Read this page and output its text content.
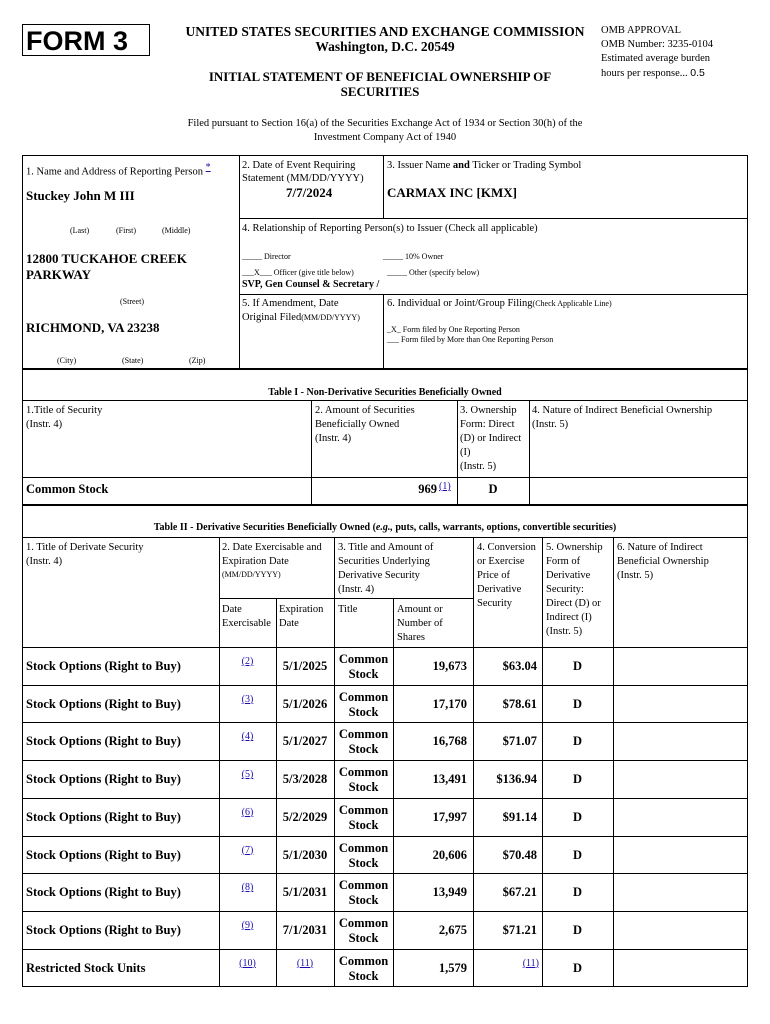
FORM 3	UNITED STATES SECURITIES AND EXCHANGE COMMISSION
Washington, D.C. 20549
OMB APPROVAL
OMB Number: 3235-0104
Estimated average burden
hours per response... 0.5
INITIAL STATEMENT OF BENEFICIAL OWNERSHIP OF
SECURITIES
Filed pursuant to Section 16(a) of the Securities Exchange Act of 1934 or Section 30(h) of the
Investment Company Act of 1940
1. Name and Address of Reporting Person *
Stuckey John M III
(Last)	(First)	(Middle)
12800 TUCKAHOE CREEK
PARKWAY
(Street)
RICHMOND, VA 23238
(City)	(State)	(Zip)
2. Date of Event Requiring
Statement (MM/DD/YYYY)
7/7/2024
3. Issuer Name and Ticker or Trading Symbol
CARMAX INC [KMX]
4. Relationship of Reporting Person(s) to Issuer (Check all applicable)
_____ Director	_____ 10% Owner
___X___ Officer (give title below)	_____ Other (specify below)
SVP, Gen Counsel & Secretary /
5. If Amendment, Date
Original Filed(MM/DD/YYYY)
6. Individual or Joint/Group Filing(Check Applicable Line)
_X_ Form filed by One Reporting Person
___ Form filed by More than One Reporting Person
Table I - Non-Derivative Securities Beneficially Owned
1.Title of Security
(Instr. 4)
2. Amount of Securities
Beneficially Owned
(Instr. 4)
3. Ownership
Form: Direct
(D) or Indirect
(I)
(Instr. 5)
4. Nature of Indirect Beneficial Ownership
(Instr. 5)
Common Stock	969 (1)	D
Table II - Derivative Securities Beneficially Owned (e.g., puts, calls, warrants, options, convertible securities)
1. Title of Derivate Security
(Instr. 4)
2. Date Exercisable and
Expiration Date
(MM/DD/YYYY)
3. Title and Amount of
Securities Underlying
Derivative Security
(Instr. 4)
4. Conversion
or Exercise
Price of
Derivative
Security
5. Ownership
Form of
Derivative
Security:
Direct (D) or
Indirect (I)
(Instr. 5)
6. Nature of Indirect
Beneficial Ownership
(Instr. 5)
Date
Exercisable
Expiration
Date
Title	Amount or
Number of
Shares
Stock Options (Right to Buy)	(2)	5/1/2025 Common
Stock
19,673	$63.04	D
Stock Options (Right to Buy)	(3)	5/1/2026 Common
Stock
17,170	$78.61	D
Stock Options (Right to Buy)	(4)	5/1/2027 Common
Stock
16,768	$71.07	D
Stock Options (Right to Buy)	(5)	5/3/2028 Common
Stock
13,491	$136.94	D
Stock Options (Right to Buy)	(6)	5/2/2029 Common
Stock
17,997	$91.14	D
Stock Options (Right to Buy)	(7)	5/1/2030 Common
Stock
20,606	$70.48	D
Stock Options (Right to Buy)	(8)	5/1/2031 Common
Stock
13,949	$67.21	D
Stock Options (Right to Buy)	(9)	7/1/2031 Common
Stock
2,675	$71.21	D
Restricted Stock Units	(10)	(11)	Common
Stock
1,579	(11)	D
